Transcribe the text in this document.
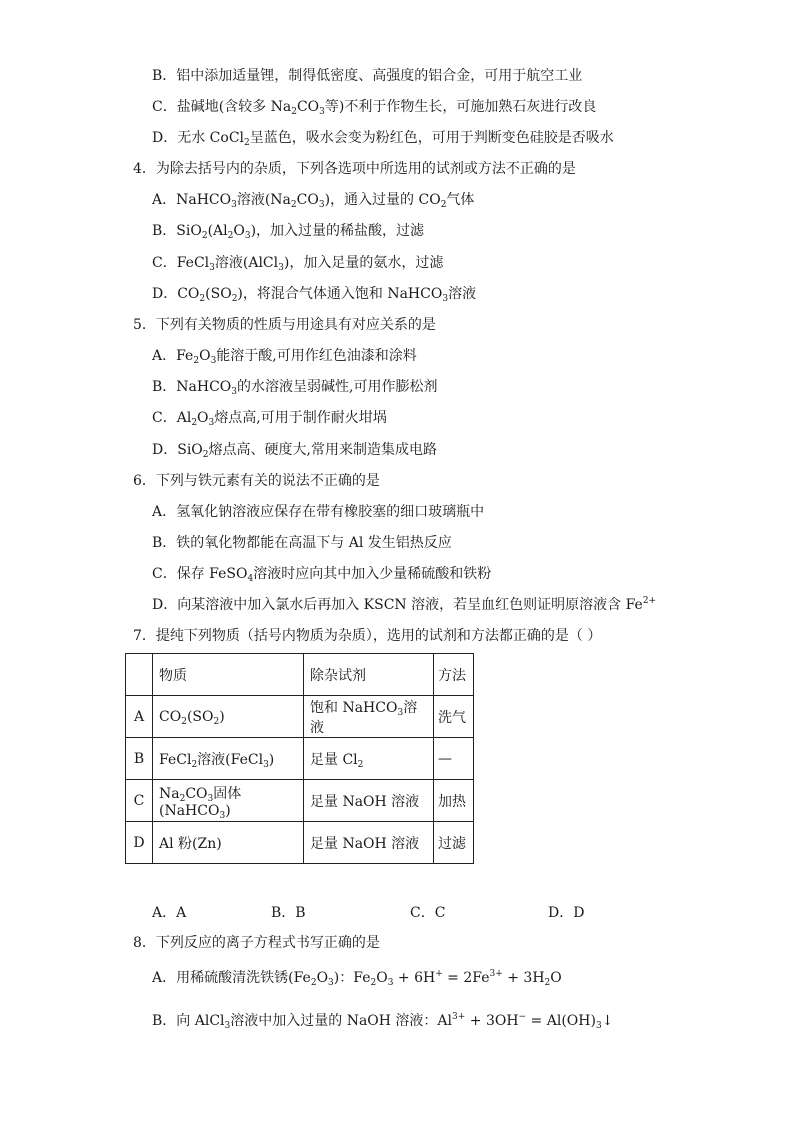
B．铝中添加适量锂，制得低密度、高强度的铝合金，可用于航空工业
C．盐碱地(含较多 $Na_2CO_3$等)不利于作物生长，可施加熟石灰进行改良
D．无水 CoCl$_2$呈蓝色，吸水会变为粉红色，可用于判断变色硅胶是否吸水
4．为除去括号内的杂质，下列各选项中所选用的试剂或方法不正确的是
A．NaHCO$_3$溶液$(Na_2CO_3)$，通入过量的 $CO_2$气体
B．$SiO_2(Al_2O_3)$，加入过量的稀盐酸，过滤
C．FeCl$_3$溶液(AlCl$_3$)，加入足量的氨水，过滤
D．$CO_2(SO_2)$，将混合气体通入饱和 NaHCO$_3$溶液
5．下列有关物质的性质与用途具有对应关系的是
A．$Fe_2O_3$能溶于酸,可用作红色油漆和涂料
B．NaHCO$_3$的水溶液呈弱碱性,可用作膨松剂
C．$Al_2O_3$熔点高,可用于制作耐火坩埚
D．SiO$_2$熔点高、硬度大,常用来制造集成电路
6．下列与铁元素有关的说法不正确的是
A．氢氧化钠溶液应保存在带有橡胶塞的细口玻璃瓶中
B．铁的氧化物都能在高温下与 Al 发生铝热反应
C．保存 FeSO$_4$溶液时应向其中加入少量稀硫酸和铁粉
D．向某溶液中加入氯水后再加入 KSCN 溶液，若呈血红色则证明原溶液含 $Fe^{2+}$
7．提纯下列物质（括号内物质为杂质），选用的试剂和方法都正确的是（ ）
	物质	除杂试剂	方法
A	$CO_2(SO_2)$	饱和 NaHCO$_3$溶液	洗气
B	FeCl$_2$溶液(FeCl$_3$)	足量 $Cl_2$	—
C	$Na_2CO_3$固体(NaHCO$_3$)	足量 NaOH 溶液	加热
D	Al 粉(Zn)	足量 NaOH 溶液	过滤
A．A	B．B	C．C	D．D
8．下列反应的离子方程式书写正确的是
A．用稀硫酸清洗铁锈$(Fe_2O_3)$：$Fe_2O_3 + 6H^+ = 2Fe^{3+} + 3H_2O$
B．向 AlCl$_3$溶液中加入过量的 NaOH 溶液：$Al^{3+} + 3OH^-$ = $Al(OH)_3↓$
